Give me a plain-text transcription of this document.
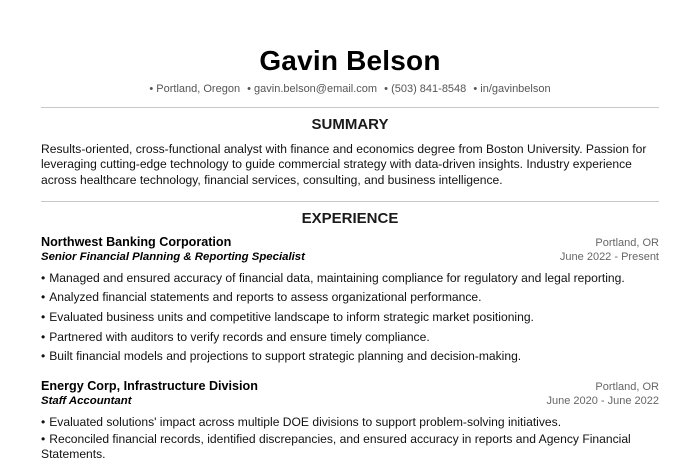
Gavin Belson
• Portland, Oregon • gavin.belson@email.com • (503) 841-8548 • in/gavinbelson
SUMMARY
Results-oriented, cross-functional analyst with finance and economics degree from Boston University. Passion for leveraging cutting-edge technology to guide commercial strategy with data-driven insights. Industry experience across healthcare technology, financial services, consulting, and business intelligence.
EXPERIENCE
Northwest Banking Corporation	Portland, OR
Senior Financial Planning & Reporting Specialist	June 2022 - Present
• Managed and ensured accuracy of financial data, maintaining compliance for regulatory and legal reporting.
• Analyzed financial statements and reports to assess organizational performance.
• Evaluated business units and competitive landscape to inform strategic market positioning.
• Partnered with auditors to verify records and ensure timely compliance.
• Built financial models and projections to support strategic planning and decision-making.
Energy Corp, Infrastructure Division	Portland, OR
Staff Accountant	June 2020 - June 2022
• Evaluated solutions' impact across multiple DOE divisions to support problem-solving initiatives.
• Reconciled financial records, identified discrepancies, and ensured accuracy in reports and Agency Financial Statements.
